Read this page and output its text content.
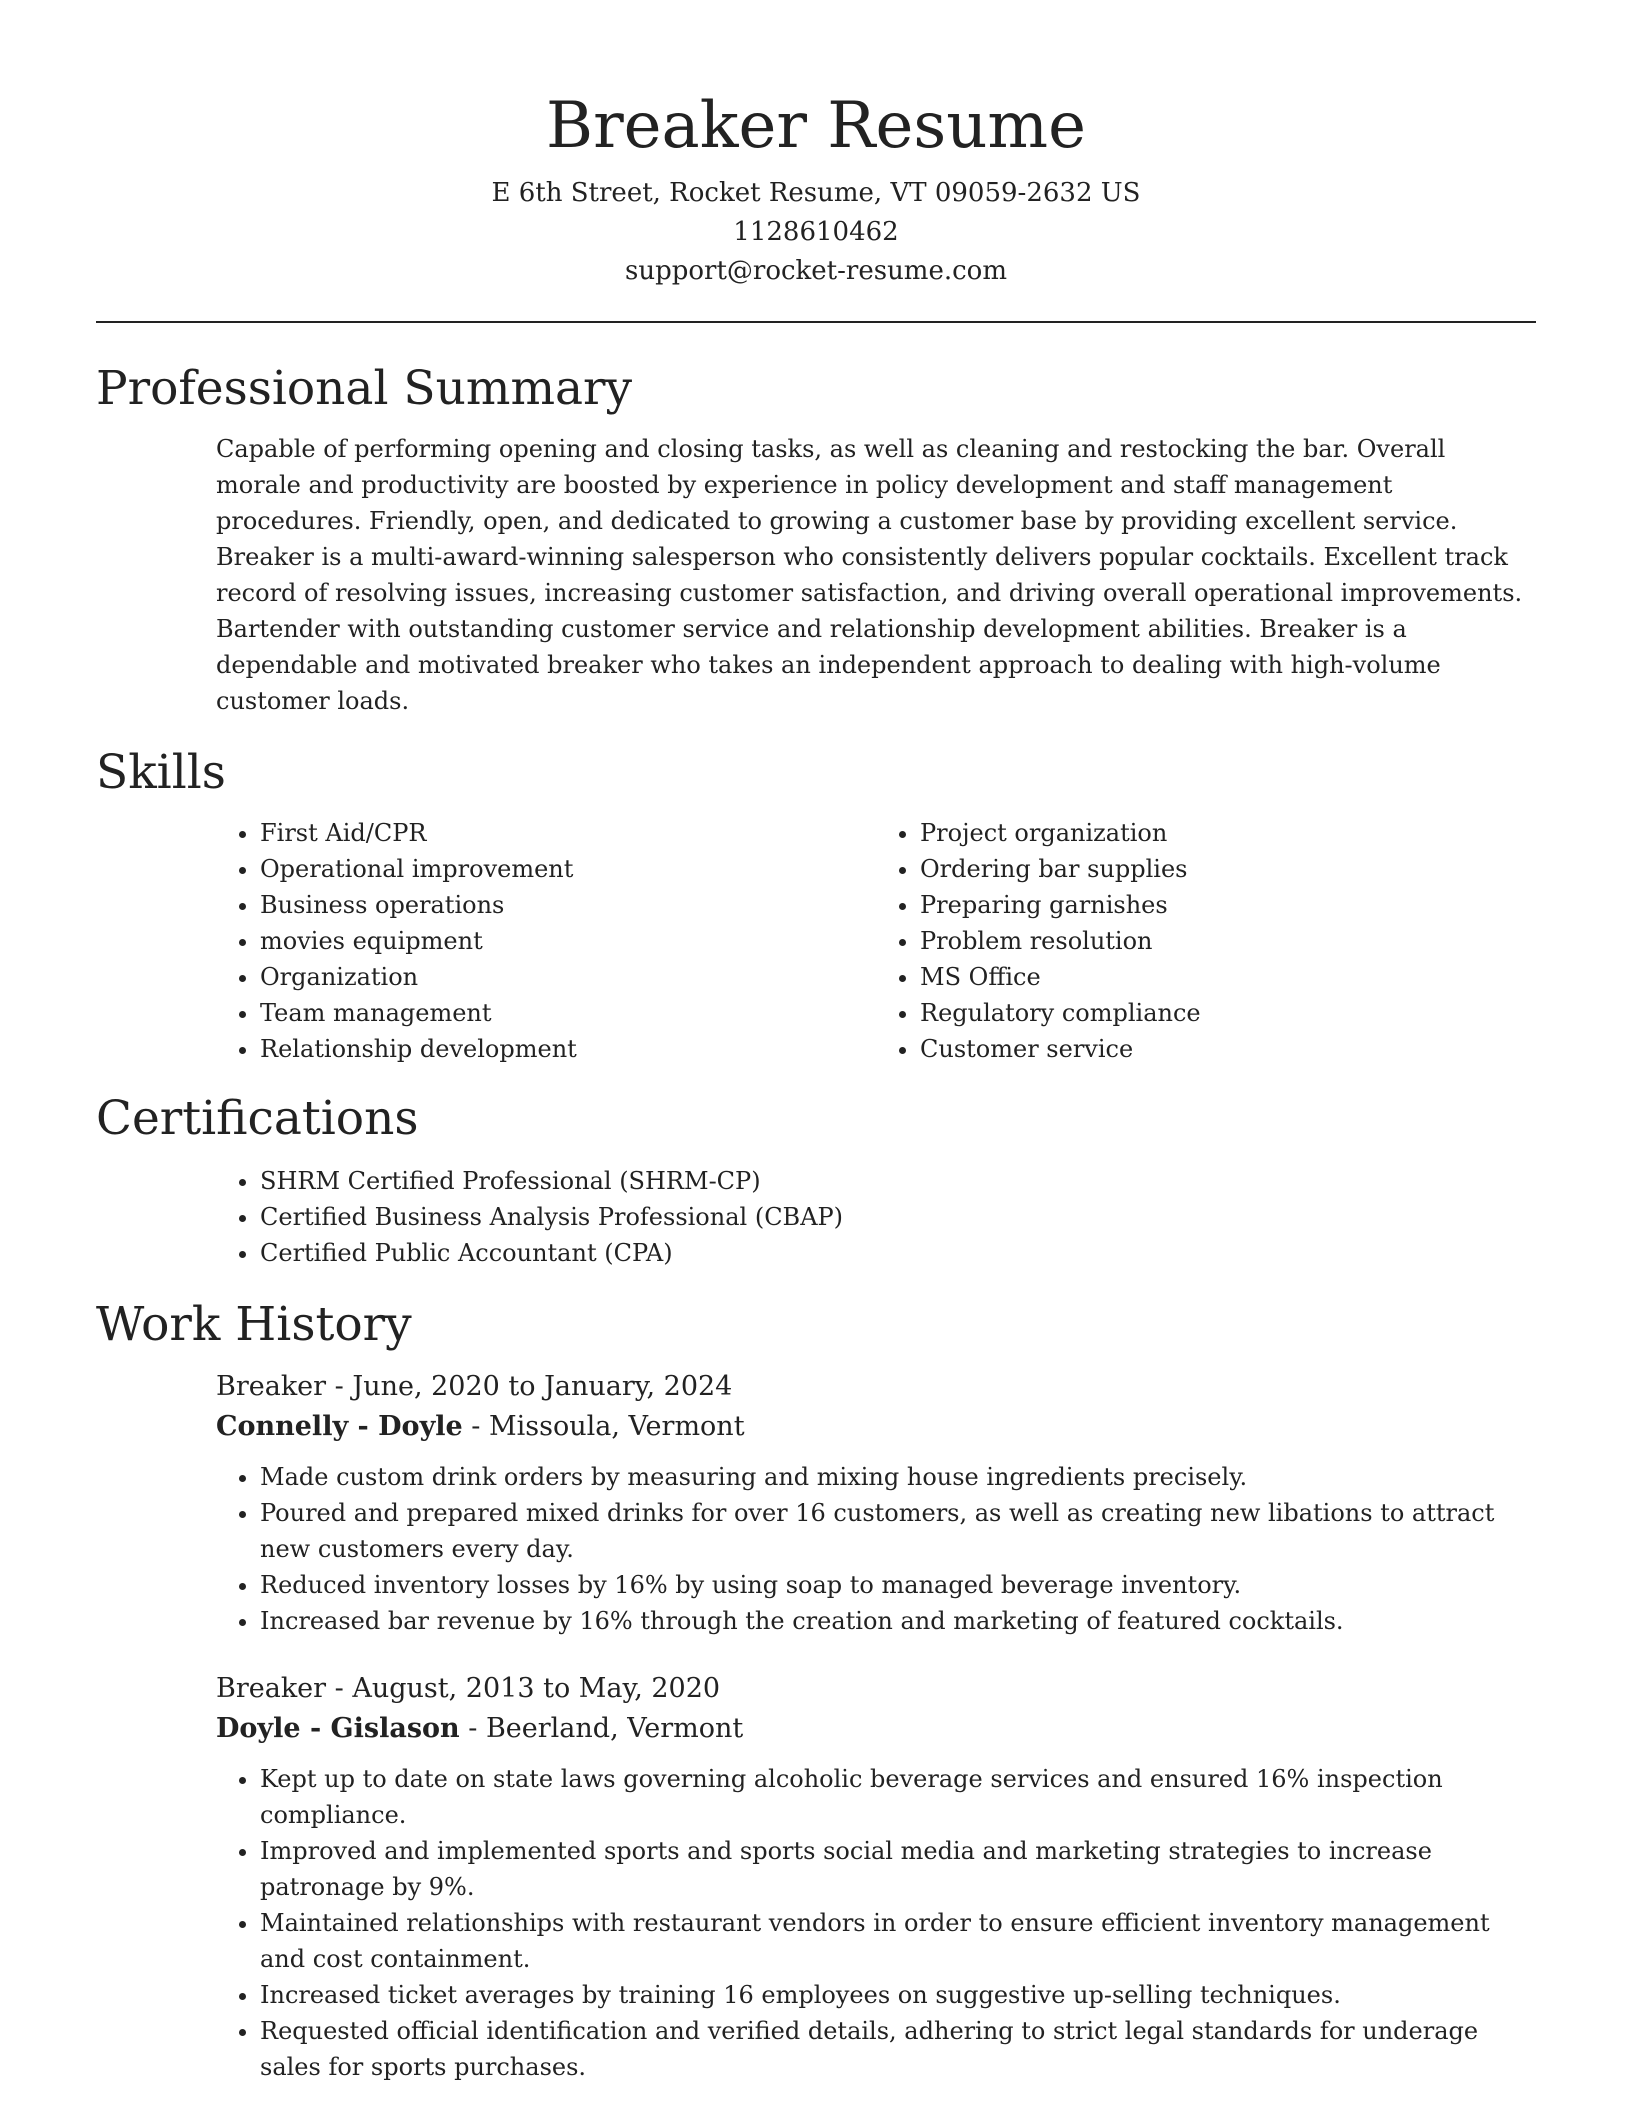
Breaker Resume
E 6th Street, Rocket Resume, VT 09059-2632 US
1128610462
support@rocket-resume.com
Professional Summary
Capable of performing opening and closing tasks, as well as cleaning and restocking the bar. Overall morale and productivity are boosted by experience in policy development and staff management procedures. Friendly, open, and dedicated to growing a customer base by providing excellent service. Breaker is a multi-award-winning salesperson who consistently delivers popular cocktails. Excellent track record of resolving issues, increasing customer satisfaction, and driving overall operational improvements. Bartender with outstanding customer service and relationship development abilities. Breaker is a dependable and motivated breaker who takes an independent approach to dealing with high-volume customer loads.
Skills
• First Aid/CPR
• Operational improvement
• Business operations
• movies equipment
• Organization
• Team management
• Relationship development
• Project organization
• Ordering bar supplies
• Preparing garnishes
• Problem resolution
• MS Office
• Regulatory compliance
• Customer service
Certifications
• SHRM Certified Professional (SHRM-CP)
• Certified Business Analysis Professional (CBAP)
• Certified Public Accountant (CPA)
Work History
Breaker - June, 2020 to January, 2024
Connelly - Doyle - Missoula, Vermont
• Made custom drink orders by measuring and mixing house ingredients precisely.
• Poured and prepared mixed drinks for over 16 customers, as well as creating new libations to attract new customers every day.
• Reduced inventory losses by 16% by using soap to managed beverage inventory.
• Increased bar revenue by 16% through the creation and marketing of featured cocktails.
Breaker - August, 2013 to May, 2020
Doyle - Gislason - Beerland, Vermont
• Kept up to date on state laws governing alcoholic beverage services and ensured 16% inspection compliance.
• Improved and implemented sports and sports social media and marketing strategies to increase patronage by 9%.
• Maintained relationships with restaurant vendors in order to ensure efficient inventory management and cost containment.
• Increased ticket averages by training 16 employees on suggestive up-selling techniques.
• Requested official identification and verified details, adhering to strict legal standards for underage sales for sports purchases.
